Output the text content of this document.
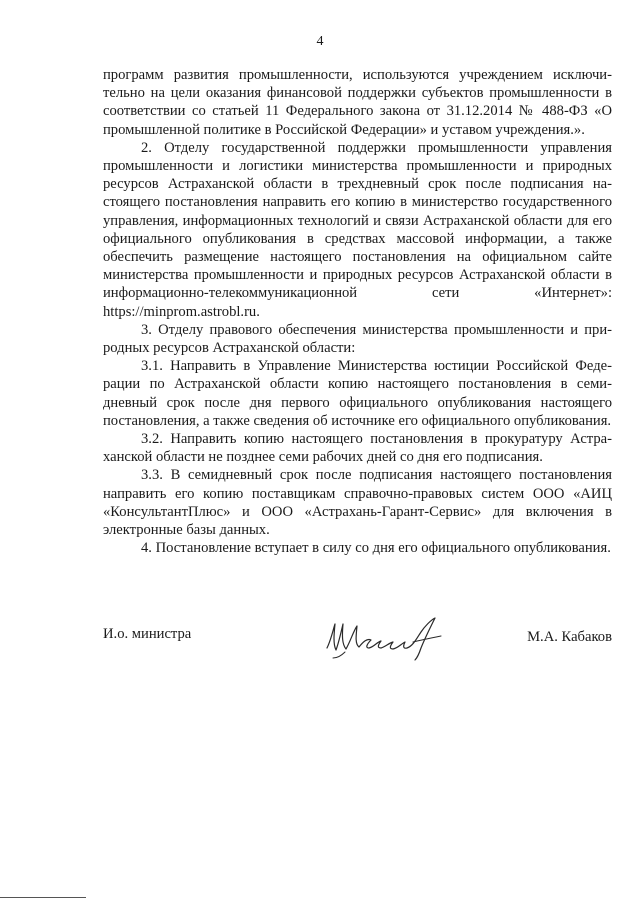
4

программ развития промышленности, используются учреждением исключительно на цели оказания финансовой поддержки субъектов промышленности в соответствии со статьей 11 Федерального закона от 31.12.2014 № 488-ФЗ «О промышленной политике в Российской Федерации» и уставом учреждения.».

2. Отделу государственной поддержки промышленности управления промышленности и логистики министерства промышленности и природных ресурсов Астраханской области в трехдневный срок после подписания настоящего постановления направить его копию в министерство государственного управления, информационных технологий и связи Астраханской области для его официального опубликования в средствах массовой информации, а также обеспечить размещение настоящего постановления на официальном сайте министерства промышленности и природных ресурсов Астраханской области в информационно-телекоммуникационной сети «Интернет»: https://minprom.astrobl.ru.

3. Отделу правового обеспечения министерства промышленности и природных ресурсов Астраханской области:

3.1. Направить в Управление Министерства юстиции Российской Федерации по Астраханской области копию настоящего постановления в семидневный срок после дня первого официального опубликования настоящего постановления, а также сведения об источнике его официального опубликования.

3.2. Направить копию настоящего постановления в прокуратуру Астраханской области не позднее семи рабочих дней со дня его подписания.

3.3. В семидневный срок после подписания настоящего постановления направить его копию поставщикам справочно-правовых систем ООО «АИЦ «КонсультантПлюс» и ООО «Астрахань-Гарант-Сервис» для включения в электронные базы данных.

4. Постановление вступает в силу со дня его официального опубликования.

И.о. министра	М.А. Кабаков
